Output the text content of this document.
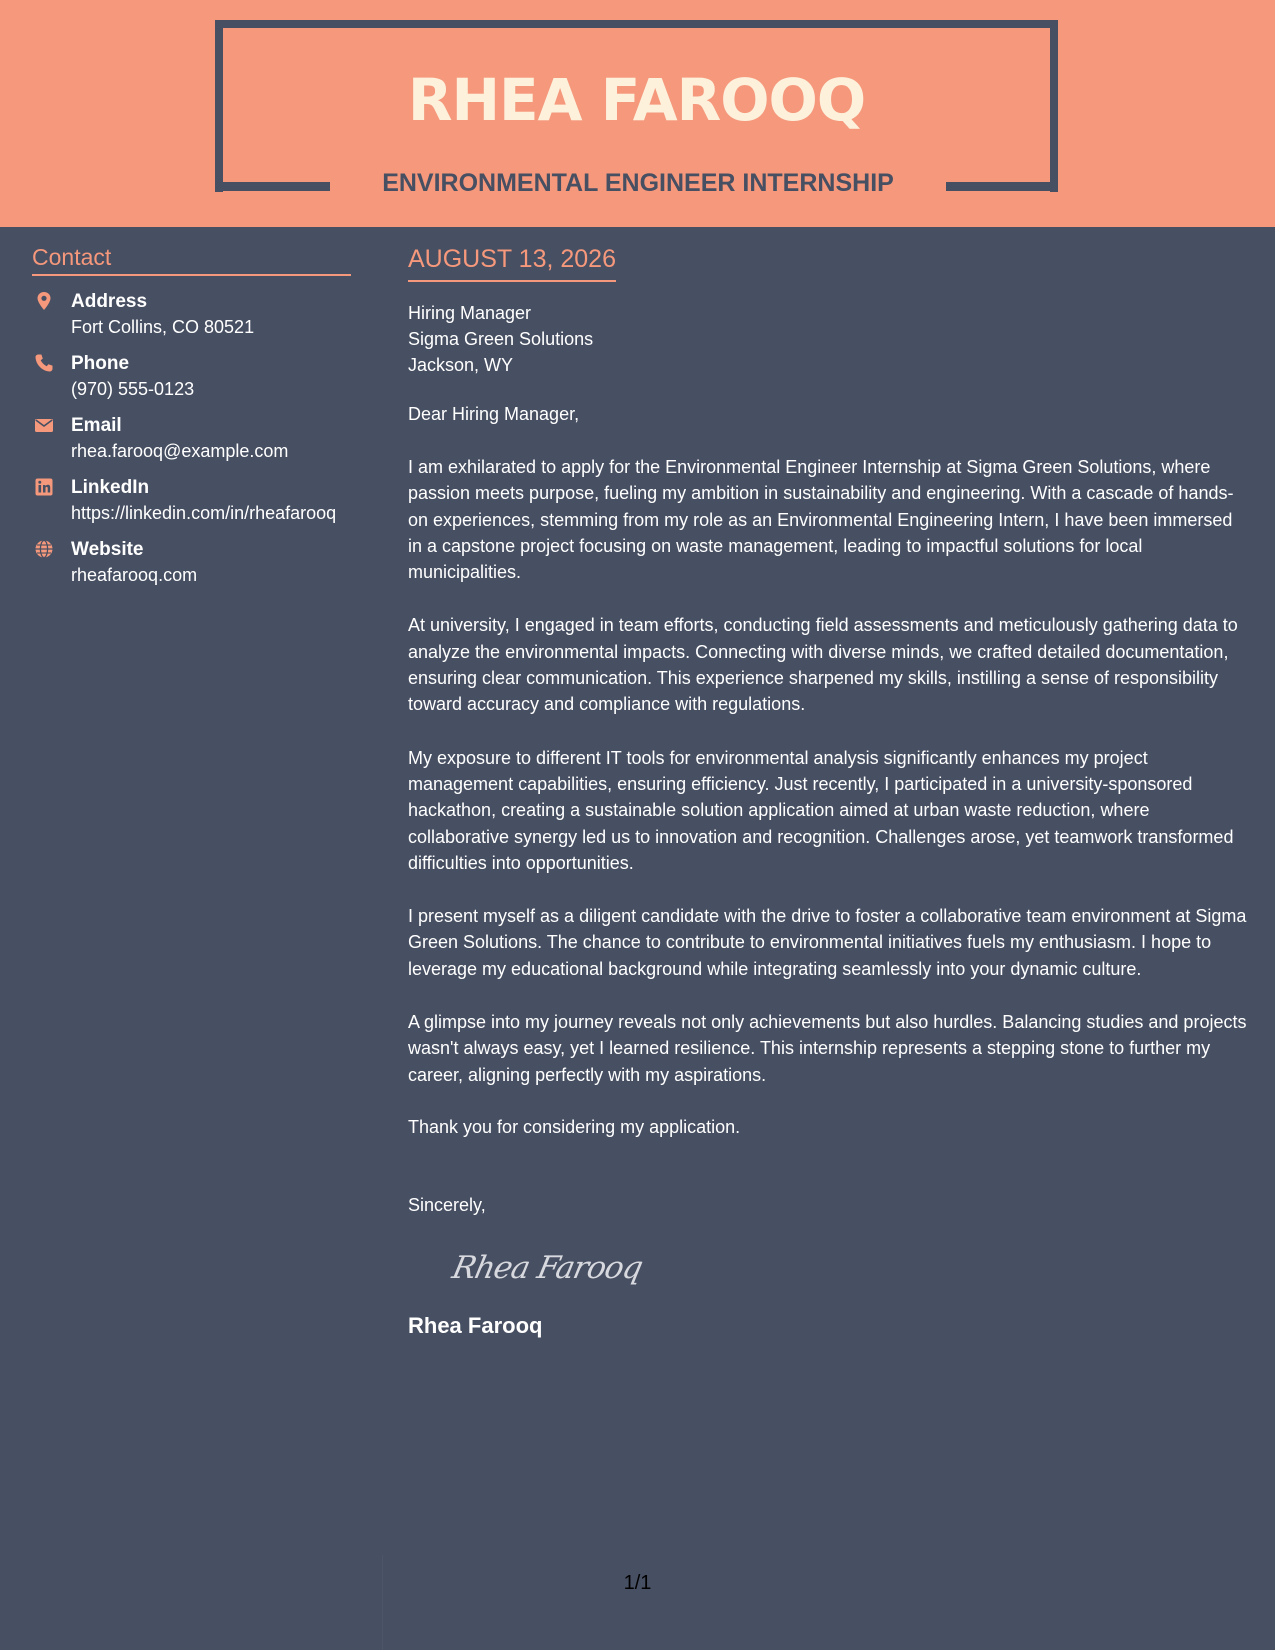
RHEA FAROOQ
ENVIRONMENTAL ENGINEER INTERNSHIP
Contact
Address
Fort Collins, CO 80521
Phone
(970) 555-0123
Email
rhea.farooq@example.com
LinkedIn
https://linkedin.com/in/rheafarooq
Website
rheafarooq.com
AUGUST 13, 2026
Hiring Manager
Sigma Green Solutions
Jackson, WY
Dear Hiring Manager,
I am exhilarated to apply for the Environmental Engineer Internship at Sigma Green Solutions, where passion meets purpose, fueling my ambition in sustainability and engineering. With a cascade of hands-on experiences, stemming from my role as an Environmental Engineering Intern, I have been immersed in a capstone project focusing on waste management, leading to impactful solutions for local municipalities.
At university, I engaged in team efforts, conducting field assessments and meticulously gathering data to analyze the environmental impacts. Connecting with diverse minds, we crafted detailed documentation, ensuring clear communication. This experience sharpened my skills, instilling a sense of responsibility toward accuracy and compliance with regulations.
My exposure to different IT tools for environmental analysis significantly enhances my project management capabilities, ensuring efficiency. Just recently, I participated in a university-sponsored hackathon, creating a sustainable solution application aimed at urban waste reduction, where collaborative synergy led us to innovation and recognition. Challenges arose, yet teamwork transformed difficulties into opportunities.
I present myself as a diligent candidate with the drive to foster a collaborative team environment at Sigma Green Solutions. The chance to contribute to environmental initiatives fuels my enthusiasm. I hope to leverage my educational background while integrating seamlessly into your dynamic culture.
A glimpse into my journey reveals not only achievements but also hurdles. Balancing studies and projects wasn't always easy, yet I learned resilience. This internship represents a stepping stone to further my career, aligning perfectly with my aspirations.
Thank you for considering my application.
Sincerely,
Rhea Farooq
Rhea Farooq
1/1
